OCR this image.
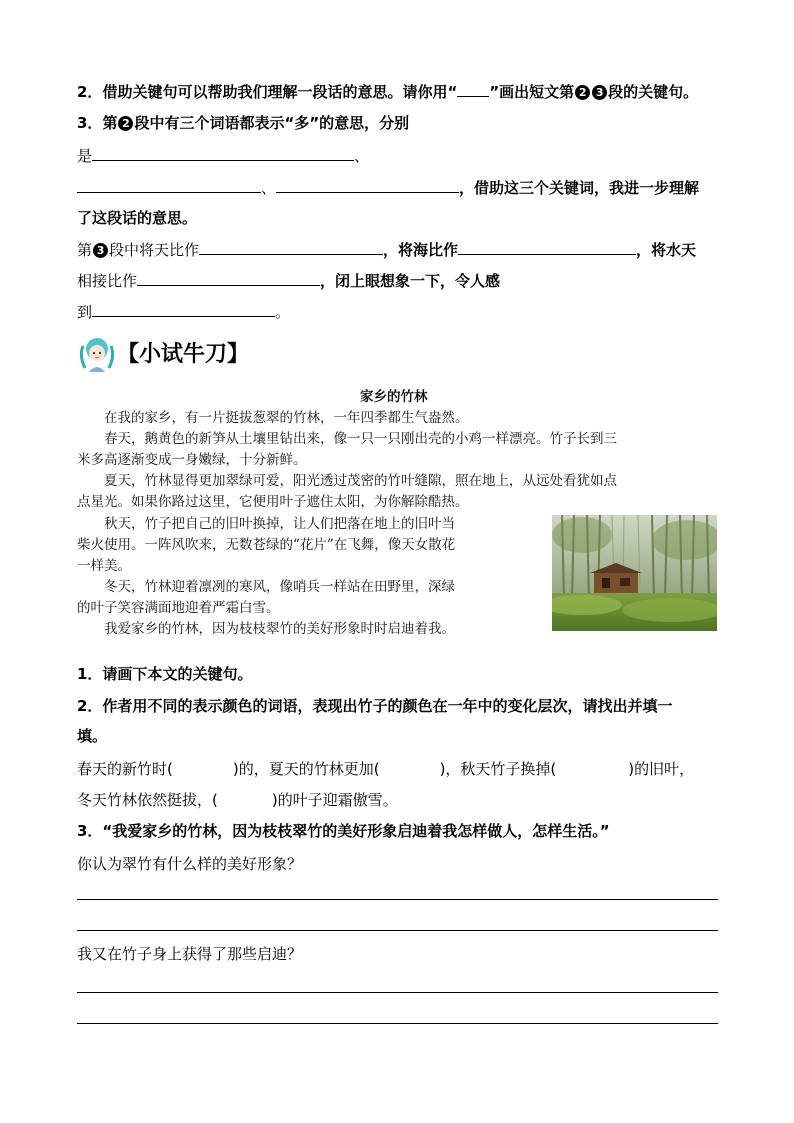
2．借助关键句可以帮助我们理解一段话的意思。请你用“ ”画出短文第 2 3 段的关键句。
3．第 2 段中有三个词语都表示“多”的意思，分别
是	、
、	，借助这三个关键词，我进一步理解
了这段话的意思。
第 3 段中将天比作	，将海比作	，将水天
相接比作	，闭上眼想象一下，令人感
到	。
【小试牛刀】
家乡的竹林
在我的家乡，有一片挺拔葱翠的竹林，一年四季都生气盎然。
春天，鹅黄色的新笋从土壤里钻出来，像一只一只刚出壳的小鸡一样漂亮。竹子长到三
米多高逐渐变成一身嫩绿，十分新鲜。
夏天，竹林显得更加翠绿可爱，阳光透过茂密的竹叶缝隙，照在地上，从远处看犹如点
点星光。如果你路过这里，它便用叶子遮住太阳，为你解除酷热。
秋天，竹子把自己的旧叶换掉，让人们把落在地上的旧叶当
柴火使用。一阵风吹来，无数苍绿的“花片”在飞舞，像天女散花
一样美。
冬天，竹林迎着凛冽的寒风，像哨兵一样站在田野里，深绿
的叶子笑容满面地迎着严霜白雪。
我爱家乡的竹林，因为枝枝翠竹的美好形象时时启迪着我。
1．请画下本文的关键句。
2．作者用不同的表示颜色的词语，表现出竹子的颜色在一年中的变化层次，请找出并填一
填。
春天的新竹时(	)的，夏天的竹林更加(	)，秋天竹子换掉(	)的旧叶，
冬天竹林依然挺拔，(	)的叶子迎霜傲雪。
3．“我爱家乡的竹林，因为枝枝翠竹的美好形象启迪着我怎样做人，怎样生活。”
你认为翠竹有什么样的美好形象？
我又在竹子身上获得了那些启迪？
